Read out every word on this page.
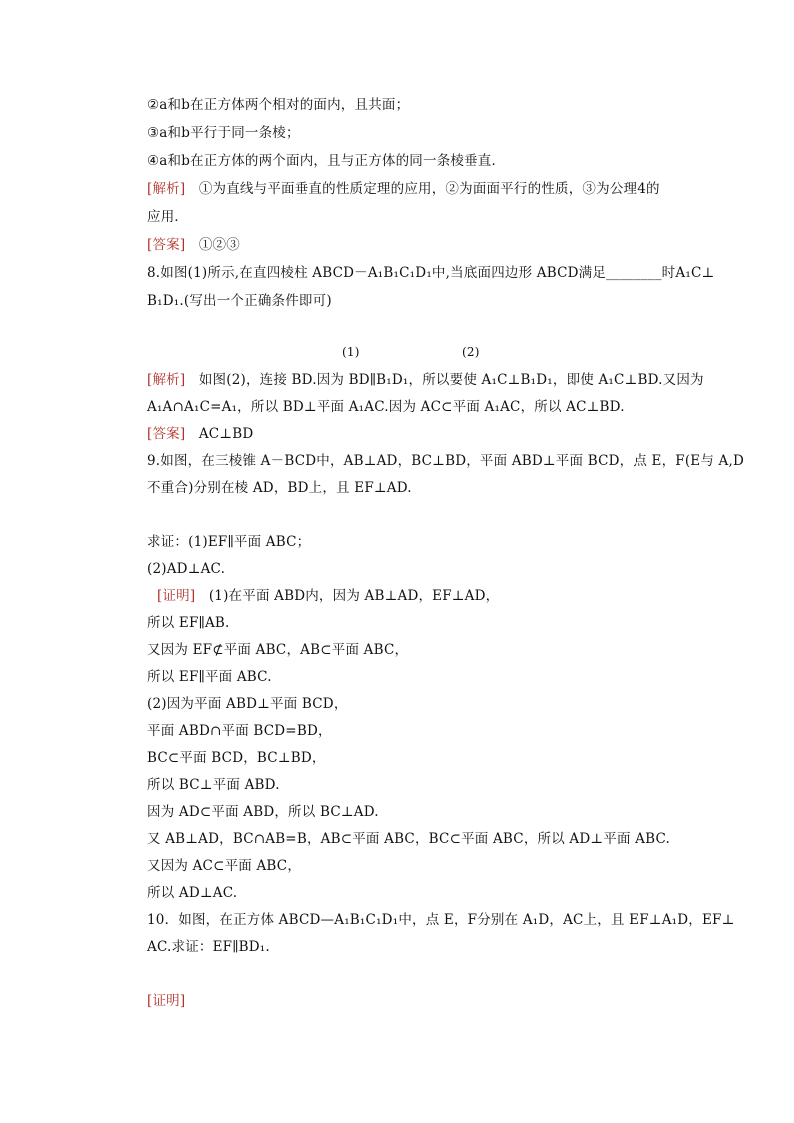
②a和b在正方体两个相对的面内，且共面；
③a和b平行于同一条棱；
④a和b在正方体的两个面内，且与正方体的同一条棱垂直．
[解析] ①为直线与平面垂直的性质定理的应用，②为面面平行的性质，③为公理4的
应用．
[答案] ①②③
8.如图(1)所示,在直四棱柱 ABCD－A₁B₁C₁D₁中,当底面四边形 ABCD满足________时A₁C⊥
B₁D₁.(写出一个正确条件即可)
(1)	(2)
[解析] 如图(2)，连接 BD.因为 BD∥B₁D₁，所以要使 A₁C⊥B₁D₁，即使 A₁C⊥BD.又因为
A₁A∩A₁C=A₁，所以 BD⊥平面 A₁AC.因为 AC⊂平面 A₁AC，所以 AC⊥BD.
[答案] AC⊥BD
9.如图，在三棱锥 A－BCD中，AB⊥AD，BC⊥BD，平面 ABD⊥平面 BCD，点 E，F(E与 A,D
不重合)分别在棱 AD，BD上，且 EF⊥AD.
求证：(1)EF∥平面 ABC；
(2)AD⊥AC.
[证明] (1)在平面 ABD内，因为 AB⊥AD，EF⊥AD，
所以 EF∥AB.
又因为 EF⊄平面 ABC，AB⊂平面 ABC，
所以 EF∥平面 ABC.
(2)因为平面 ABD⊥平面 BCD，
平面 ABD∩平面 BCD=BD，
BC⊂平面 BCD，BC⊥BD，
所以 BC⊥平面 ABD.
因为 AD⊂平面 ABD，所以 BC⊥AD.
又 AB⊥AD，BC∩AB=B，AB⊂平面 ABC，BC⊂平面 ABC，所以 AD⊥平面 ABC.
又因为 AC⊂平面 ABC，
所以 AD⊥AC.
10．如图，在正方体 ABCD—A₁B₁C₁D₁中，点 E，F分别在 A₁D，AC上，且 EF⊥A₁D，EF⊥
AC.求证：EF∥BD₁.
[证明]
